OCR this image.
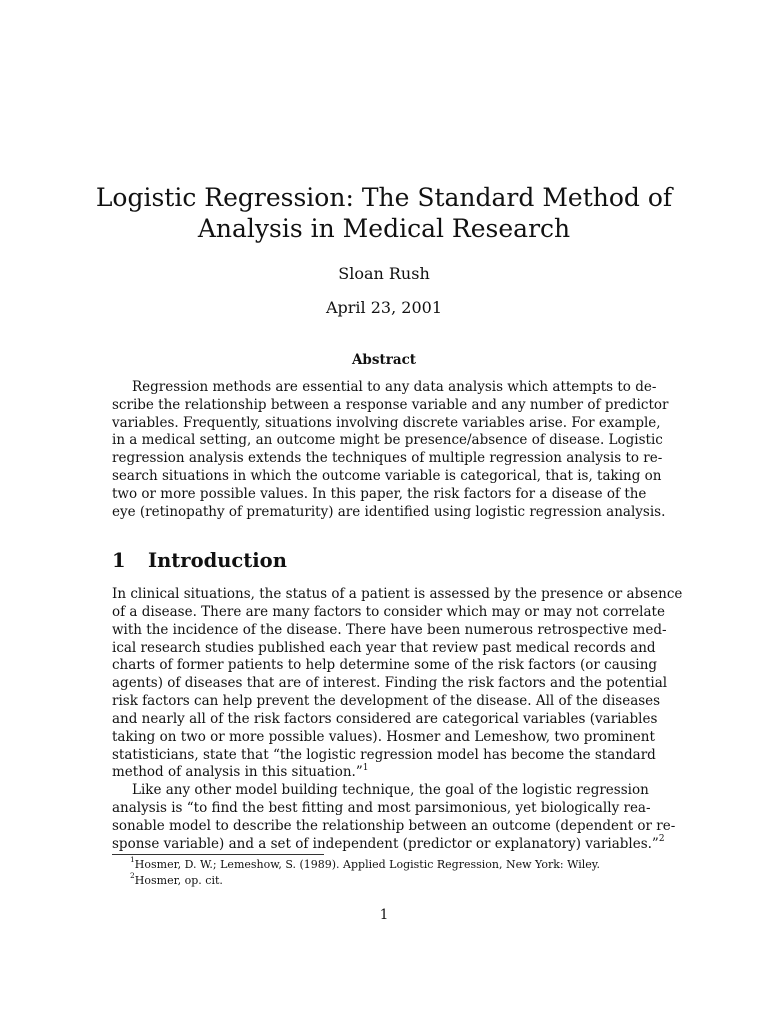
Logistic Regression: The Standard Method of
Analysis in Medical Research
Sloan Rush
April 23, 2001
Abstract
Regression methods are essential to any data analysis which attempts to de-
scribe the relationship between a response variable and any number of predictor
variables. Frequently, situations involving discrete variables arise. For example,
in a medical setting, an outcome might be presence/absence of disease. Logistic
regression analysis extends the techniques of multiple regression analysis to re-
search situations in which the outcome variable is categorical, that is, taking on
two or more possible values. In this paper, the risk factors for a disease of the
eye (retinopathy of prematurity) are identified using logistic regression analysis.
1 Introduction
In clinical situations, the status of a patient is assessed by the presence or absence
of a disease. There are many factors to consider which may or may not correlate
with the incidence of the disease. There have been numerous retrospective med-
ical research studies published each year that review past medical records and
charts of former patients to help determine some of the risk factors (or causing
agents) of diseases that are of interest. Finding the risk factors and the potential
risk factors can help prevent the development of the disease. All of the diseases
and nearly all of the risk factors considered are categorical variables (variables
taking on two or more possible values). Hosmer and Lemeshow, two prominent
statisticians, state that “the logistic regression model has become the standard
method of analysis in this situation.”$^1$
Like any other model building technique, the goal of the logistic regression
analysis is “to find the best fitting and most parsimonious, yet biologically rea-
sonable model to describe the relationship between an outcome (dependent or re-
sponse variable) and a set of independent (predictor or explanatory) variables.”$^2$
$^1$Hosmer, D. W.; Lemeshow, S. (1989). Applied Logistic Regression, New York: Wiley.
$^2$Hosmer, op. cit.
1
